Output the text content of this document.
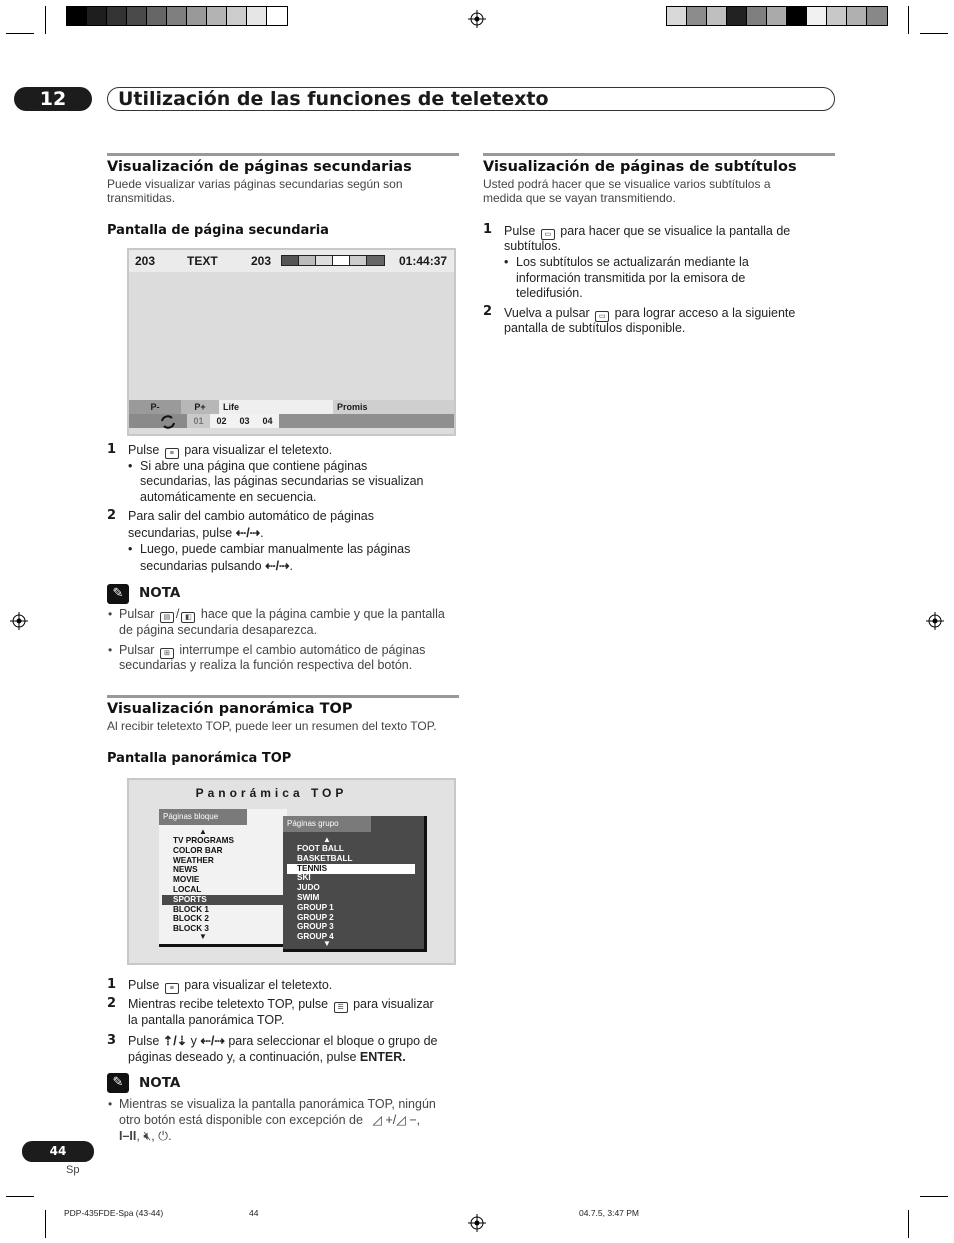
12	Utilización de las funciones de teletexto
Visualización de páginas secundarias
Puede visualizar varias páginas secundarias según son
transmitidas.
Pantalla de página secundaria
203	TEXT	203	01:44:37
P-	P+	Life	Promis
01	02	03	04
1 Pulse ≡ para visualizar el teletexto.
• Si abre una página que contiene páginas
secundarias, las páginas secundarias se visualizan
automáticamente en secuencia.
2 Para salir del cambio automático de páginas
secundarias, pulse ⇠/⇢.
• Luego, puede cambiar manualmente las páginas
secundarias pulsando ⇠/⇢.
✎	NOTA
• Pulsar ▤ / ◧ hace que la página cambie y que la pantalla
de página secundaria desaparezca.
• Pulsar ⊞ interrumpe el cambio automático de páginas
secundarias y realiza la función respectiva del botón.
Visualización panorámica TOP
Al recibir teletexto TOP, puede leer un resumen del texto TOP.
Pantalla panorámica TOP
Panorámica TOP
Páginas bloque
▲
TV PROGRAMS
COLOR BAR
WEATHER
NEWS
MOVIE
LOCAL
SPORTS
BLOCK 1
BLOCK 2
BLOCK 3
▼
Páginas grupo
▲
FOOT BALL
BASKETBALL
TENNIS
SKI
JUDO
SWIM
GROUP 1
GROUP 2
GROUP 3
GROUP 4
▼
1 Pulse ≡ para visualizar el teletexto.
2 Mientras recibe teletexto TOP, pulse ☰ para visualizar
la pantalla panorámica TOP.
3 Pulse ⇡/⇣ y ⇠/⇢ para seleccionar el bloque o grupo de
páginas deseado y, a continuación, pulse ENTER.
✎	NOTA
• Mientras se visualiza la pantalla panorámica TOP, ningún
otro botón está disponible con excepción de ◿ +/◿ −,
I–II, 🔇︎, ⏻.
Visualización de páginas de subtítulos
Usted podrá hacer que se visualice varios subtítulos a
medida que se vayan transmitiendo.
1 Pulse ▭ para hacer que se visualice la pantalla de
subtítulos.
• Los subtítulos se actualizarán mediante la
información transmitida por la emisora de
teledifusión.
2 Vuelva a pulsar ▭ para lograr acceso a la siguiente
pantalla de subtítulos disponible.
44
Sp
PDP-435FDE-Spa (43-44)	44	04.7.5, 3:47 PM
